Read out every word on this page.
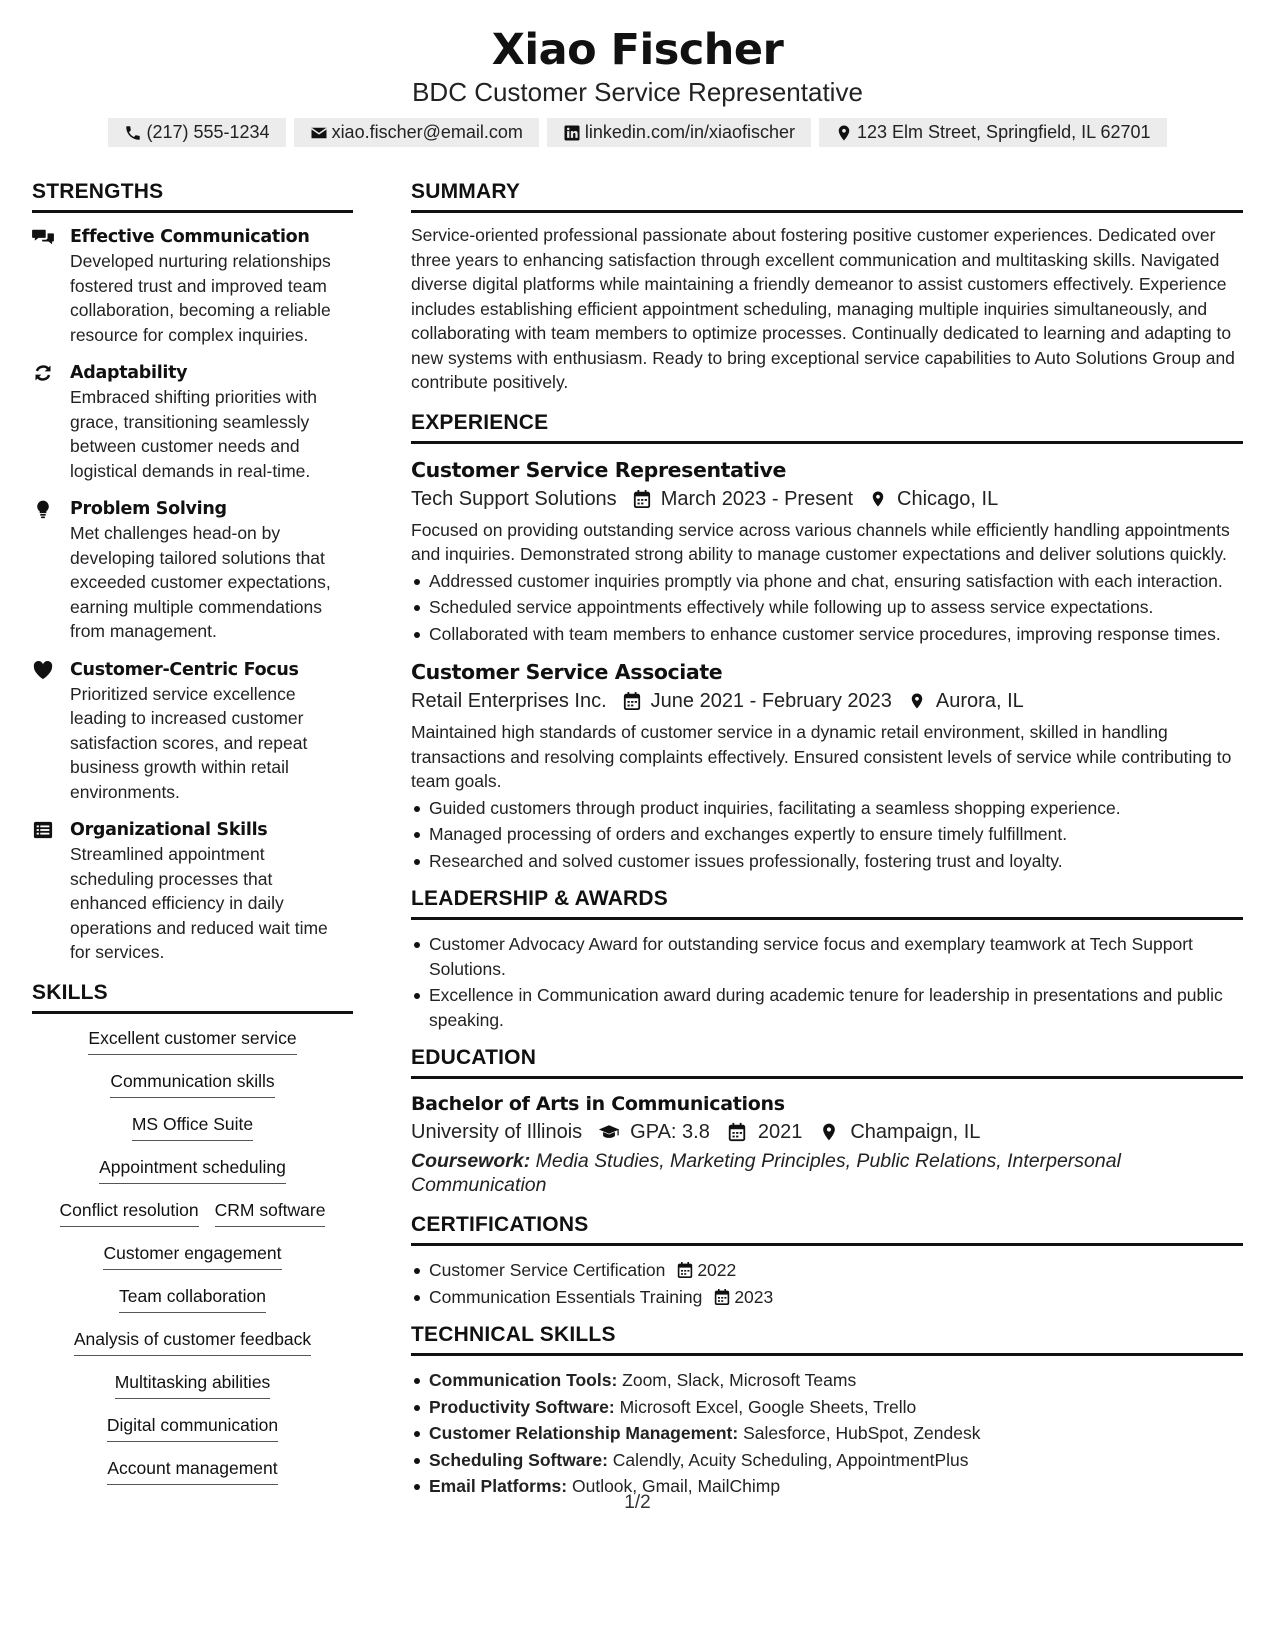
Xiao Fischer
BDC Customer Service Representative
(217) 555-1234	xiao.fischer@email.com	linkedin.com/in/xiaofischer	123 Elm Street, Springfield, IL 62701
STRENGTHS
Effective Communication
Developed nurturing relationships fostered trust and improved team collaboration, becoming a reliable resource for complex inquiries.
Adaptability
Embraced shifting priorities with grace, transitioning seamlessly between customer needs and logistical demands in real-time.
Problem Solving
Met challenges head-on by developing tailored solutions that exceeded customer expectations, earning multiple commendations from management.
Customer-Centric Focus
Prioritized service excellence leading to increased customer satisfaction scores, and repeat business growth within retail environments.
Organizational Skills
Streamlined appointment scheduling processes that enhanced efficiency in daily operations and reduced wait time for services.
SKILLS
Excellent customer service
Communication skills
MS Office Suite
Appointment scheduling
Conflict resolution CRM software
Customer engagement
Team collaboration
Analysis of customer feedback
Multitasking abilities
Digital communication
Account management
SUMMARY
Service-oriented professional passionate about fostering positive customer experiences. Dedicated over three years to enhancing satisfaction through excellent communication and multitasking skills. Navigated diverse digital platforms while maintaining a friendly demeanor to assist customers effectively. Experience includes establishing efficient appointment scheduling, managing multiple inquiries simultaneously, and collaborating with team members to optimize processes. Continually dedicated to learning and adapting to new systems with enthusiasm. Ready to bring exceptional service capabilities to Auto Solutions Group and contribute positively.
EXPERIENCE
Customer Service Representative
Tech Support Solutions March 2023 - Present Chicago, IL
Focused on providing outstanding service across various channels while efficiently handling appointments and inquiries. Demonstrated strong ability to manage customer expectations and deliver solutions quickly.
Addressed customer inquiries promptly via phone and chat, ensuring satisfaction with each interaction.
Scheduled service appointments effectively while following up to assess service expectations.
Collaborated with team members to enhance customer service procedures, improving response times.
Customer Service Associate
Retail Enterprises Inc. June 2021 - February 2023 Aurora, IL
Maintained high standards of customer service in a dynamic retail environment, skilled in handling transactions and resolving complaints effectively. Ensured consistent levels of service while contributing to team goals.
Guided customers through product inquiries, facilitating a seamless shopping experience.
Managed processing of orders and exchanges expertly to ensure timely fulfillment.
Researched and solved customer issues professionally, fostering trust and loyalty.
LEADERSHIP & AWARDS
Customer Advocacy Award for outstanding service focus and exemplary teamwork at Tech Support Solutions.
Excellence in Communication award during academic tenure for leadership in presentations and public speaking.
EDUCATION
Bachelor of Arts in Communications
University of Illinois GPA: 3.8 2021 Champaign, IL
Coursework: Media Studies, Marketing Principles, Public Relations, Interpersonal Communication
CERTIFICATIONS
Customer Service Certification 2022
Communication Essentials Training 2023
TECHNICAL SKILLS
Communication Tools: Zoom, Slack, Microsoft Teams
Productivity Software: Microsoft Excel, Google Sheets, Trello
Customer Relationship Management: Salesforce, HubSpot, Zendesk
Scheduling Software: Calendly, Acuity Scheduling, AppointmentPlus
Email Platforms: Outlook, Gmail, MailChimp
1/2
